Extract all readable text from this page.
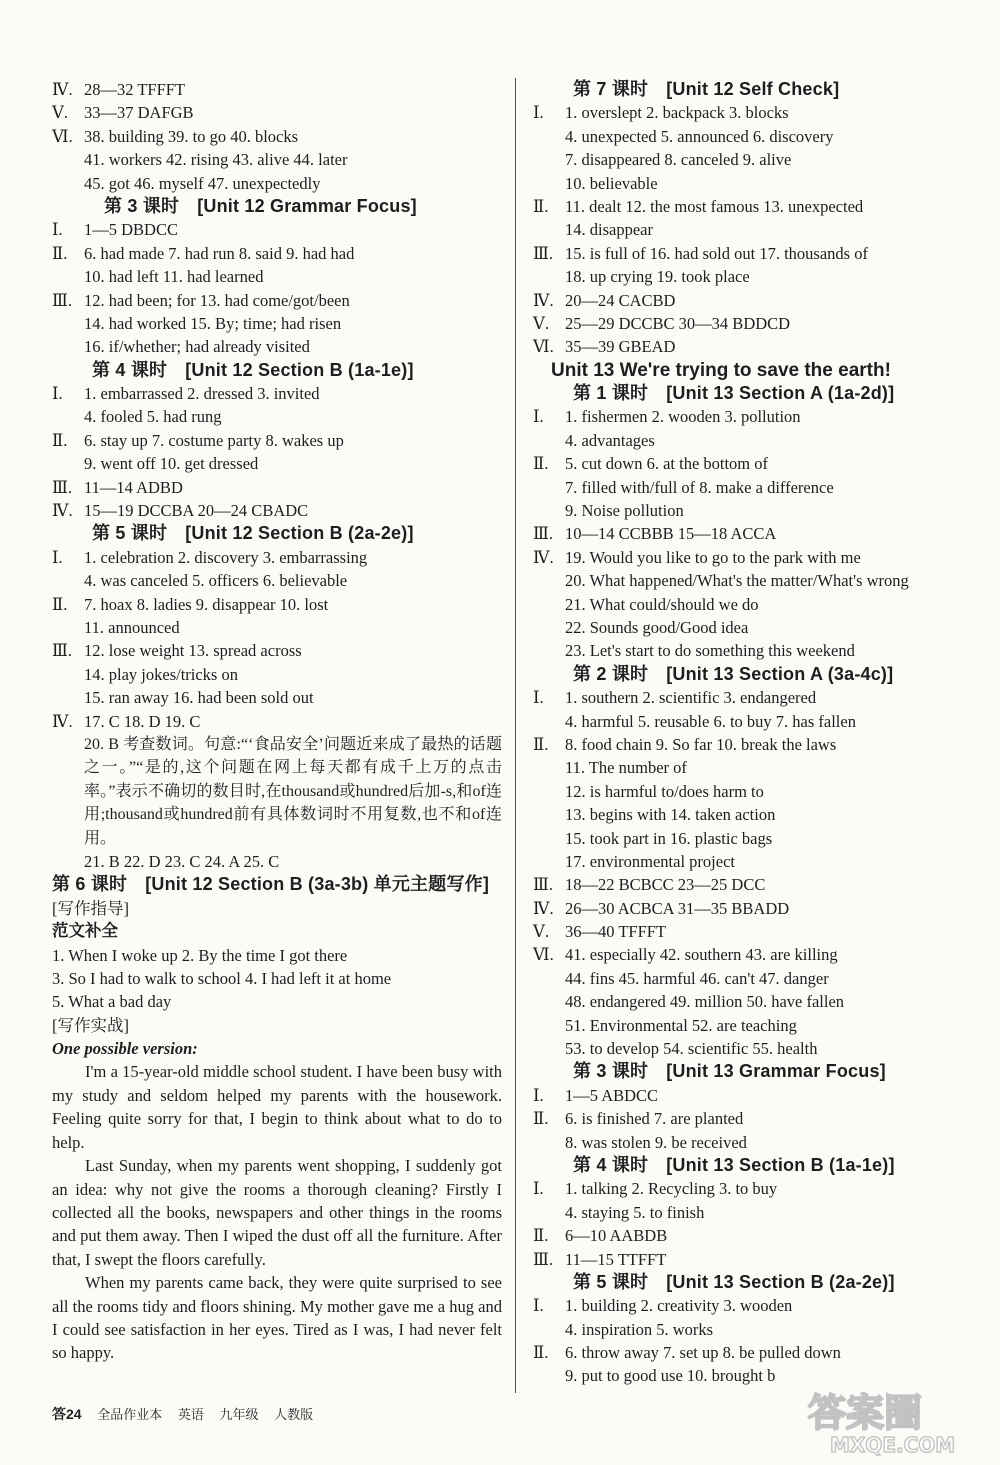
Ⅳ. 28—32 TFFFT
Ⅴ. 33—37 DAFGB
Ⅵ. 38. building 39. to go 40. blocks
41. workers 42. rising 43. alive 44. later
45. got 46. myself 47. unexpectedly
第 3 课时 [Unit 12 Grammar Focus]
Ⅰ. 1—5 DBDCC
Ⅱ. 6. had made 7. had run 8. said 9. had had
10. had left 11. had learned
Ⅲ. 12. had been; for 13. had come/got/been
14. had worked 15. By; time; had risen
16. if/whether; had already visited
第 4 课时 [Unit 12 Section B (1a-1e)]
Ⅰ. 1. embarrassed 2. dressed 3. invited
4. fooled 5. had rung
Ⅱ. 6. stay up 7. costume party 8. wakes up
9. went off 10. get dressed
Ⅲ. 11—14 ADBD
Ⅳ. 15—19 DCCBA 20—24 CBADC
第 5 课时 [Unit 12 Section B (2a-2e)]
Ⅰ. 1. celebration 2. discovery 3. embarrassing
4. was canceled 5. officers 6. believable
Ⅱ. 7. hoax 8. ladies 9. disappear 10. lost
11. announced
Ⅲ. 12. lose weight 13. spread across
14. play jokes/tricks on
15. ran away 16. had been sold out
Ⅳ. 17. C 18. D 19. C

20. B 考查数词。句意:“‘食品安全’问题近来成了最热的话题之一。”“是的,这个问题在网上每天都有成千上万的点击率。”表示不确切的数目时,在thousand或hundred后加-s,和of连用;thousand或hundred前有具体数词时不用复数,也不和of连用。

21. B 22. D 23. C 24. A 25. C
第 6 课时 [Unit 12 Section B (3a-3b) 单元主题写作]
[写作指导]
范文补全
1. When I woke up 2. By the time I got there
3. So I had to walk to school 4. I had left it at home
5. What a bad day
[写作实战]
One possible version:

I'm a 15-year-old middle school student. I have been busy with my study and seldom helped my parents with the housework. Feeling quite sorry for that, I begin to think about what to do to help.

Last Sunday, when my parents went shopping, I suddenly got an idea: why not give the rooms a thorough cleaning? Firstly I collected all the books, newspapers and other things in the rooms and put them away. Then I wiped the dust off all the furniture. After that, I swept the floors carefully.

When my parents came back, they were quite surprised to see all the rooms tidy and floors shining. My mother gave me a hug and I could see satisfaction in her eyes. Tired as I was, I had never felt so happy.

第 7 课时 [Unit 12 Self Check]
Ⅰ. 1. overslept 2. backpack 3. blocks
4. unexpected 5. announced 6. discovery
7. disappeared 8. canceled 9. alive
10. believable
Ⅱ. 11. dealt 12. the most famous 13. unexpected
14. disappear
Ⅲ. 15. is full of 16. had sold out 17. thousands of
18. up crying 19. took place
Ⅳ. 20—24 CACBD
Ⅴ. 25—29 DCCBC 30—34 BDDCD
Ⅵ. 35—39 GBEAD
Unit 13 We're trying to save the earth!
第 1 课时 [Unit 13 Section A (1a-2d)]
Ⅰ. 1. fishermen 2. wooden 3. pollution
4. advantages
Ⅱ. 5. cut down 6. at the bottom of
7. filled with/full of 8. make a difference
9. Noise pollution
Ⅲ. 10—14 CCBBB 15—18 ACCA
Ⅳ. 19. Would you like to go to the park with me
20. What happened/What's the matter/What's wrong
21. What could/should we do
22. Sounds good/Good idea
23. Let's start to do something this weekend
第 2 课时 [Unit 13 Section A (3a-4c)]
Ⅰ. 1. southern 2. scientific 3. endangered
4. harmful 5. reusable 6. to buy 7. has fallen
Ⅱ. 8. food chain 9. So far 10. break the laws
11. The number of
12. is harmful to/does harm to
13. begins with 14. taken action
15. took part in 16. plastic bags
17. environmental project
Ⅲ. 18—22 BCBCC 23—25 DCC
Ⅳ. 26—30 ACBCA 31—35 BBADD
Ⅴ. 36—40 TFFFT
Ⅵ. 41. especially 42. southern 43. are killing
44. fins 45. harmful 46. can't 47. danger
48. endangered 49. million 50. have fallen
51. Environmental 52. are teaching
53. to develop 54. scientific 55. health
第 3 课时 [Unit 13 Grammar Focus]
Ⅰ. 1—5 ABDCC
Ⅱ. 6. is finished 7. are planted
8. was stolen 9. be received
第 4 课时 [Unit 13 Section B (1a-1e)]
Ⅰ. 1. talking 2. Recycling 3. to buy
4. staying 5. to finish
Ⅱ. 6—10 AABDB
Ⅲ. 11—15 TTFFT
第 5 课时 [Unit 13 Section B (2a-2e)]
Ⅰ. 1. building 2. creativity 3. wooden
4. inspiration 5. works
Ⅱ. 6. throw away 7. set up 8. be pulled down
9. put to good use 10. brought b
答24 全品作业本 英语 九年级 人教版	答案圈
MXQE.COM
